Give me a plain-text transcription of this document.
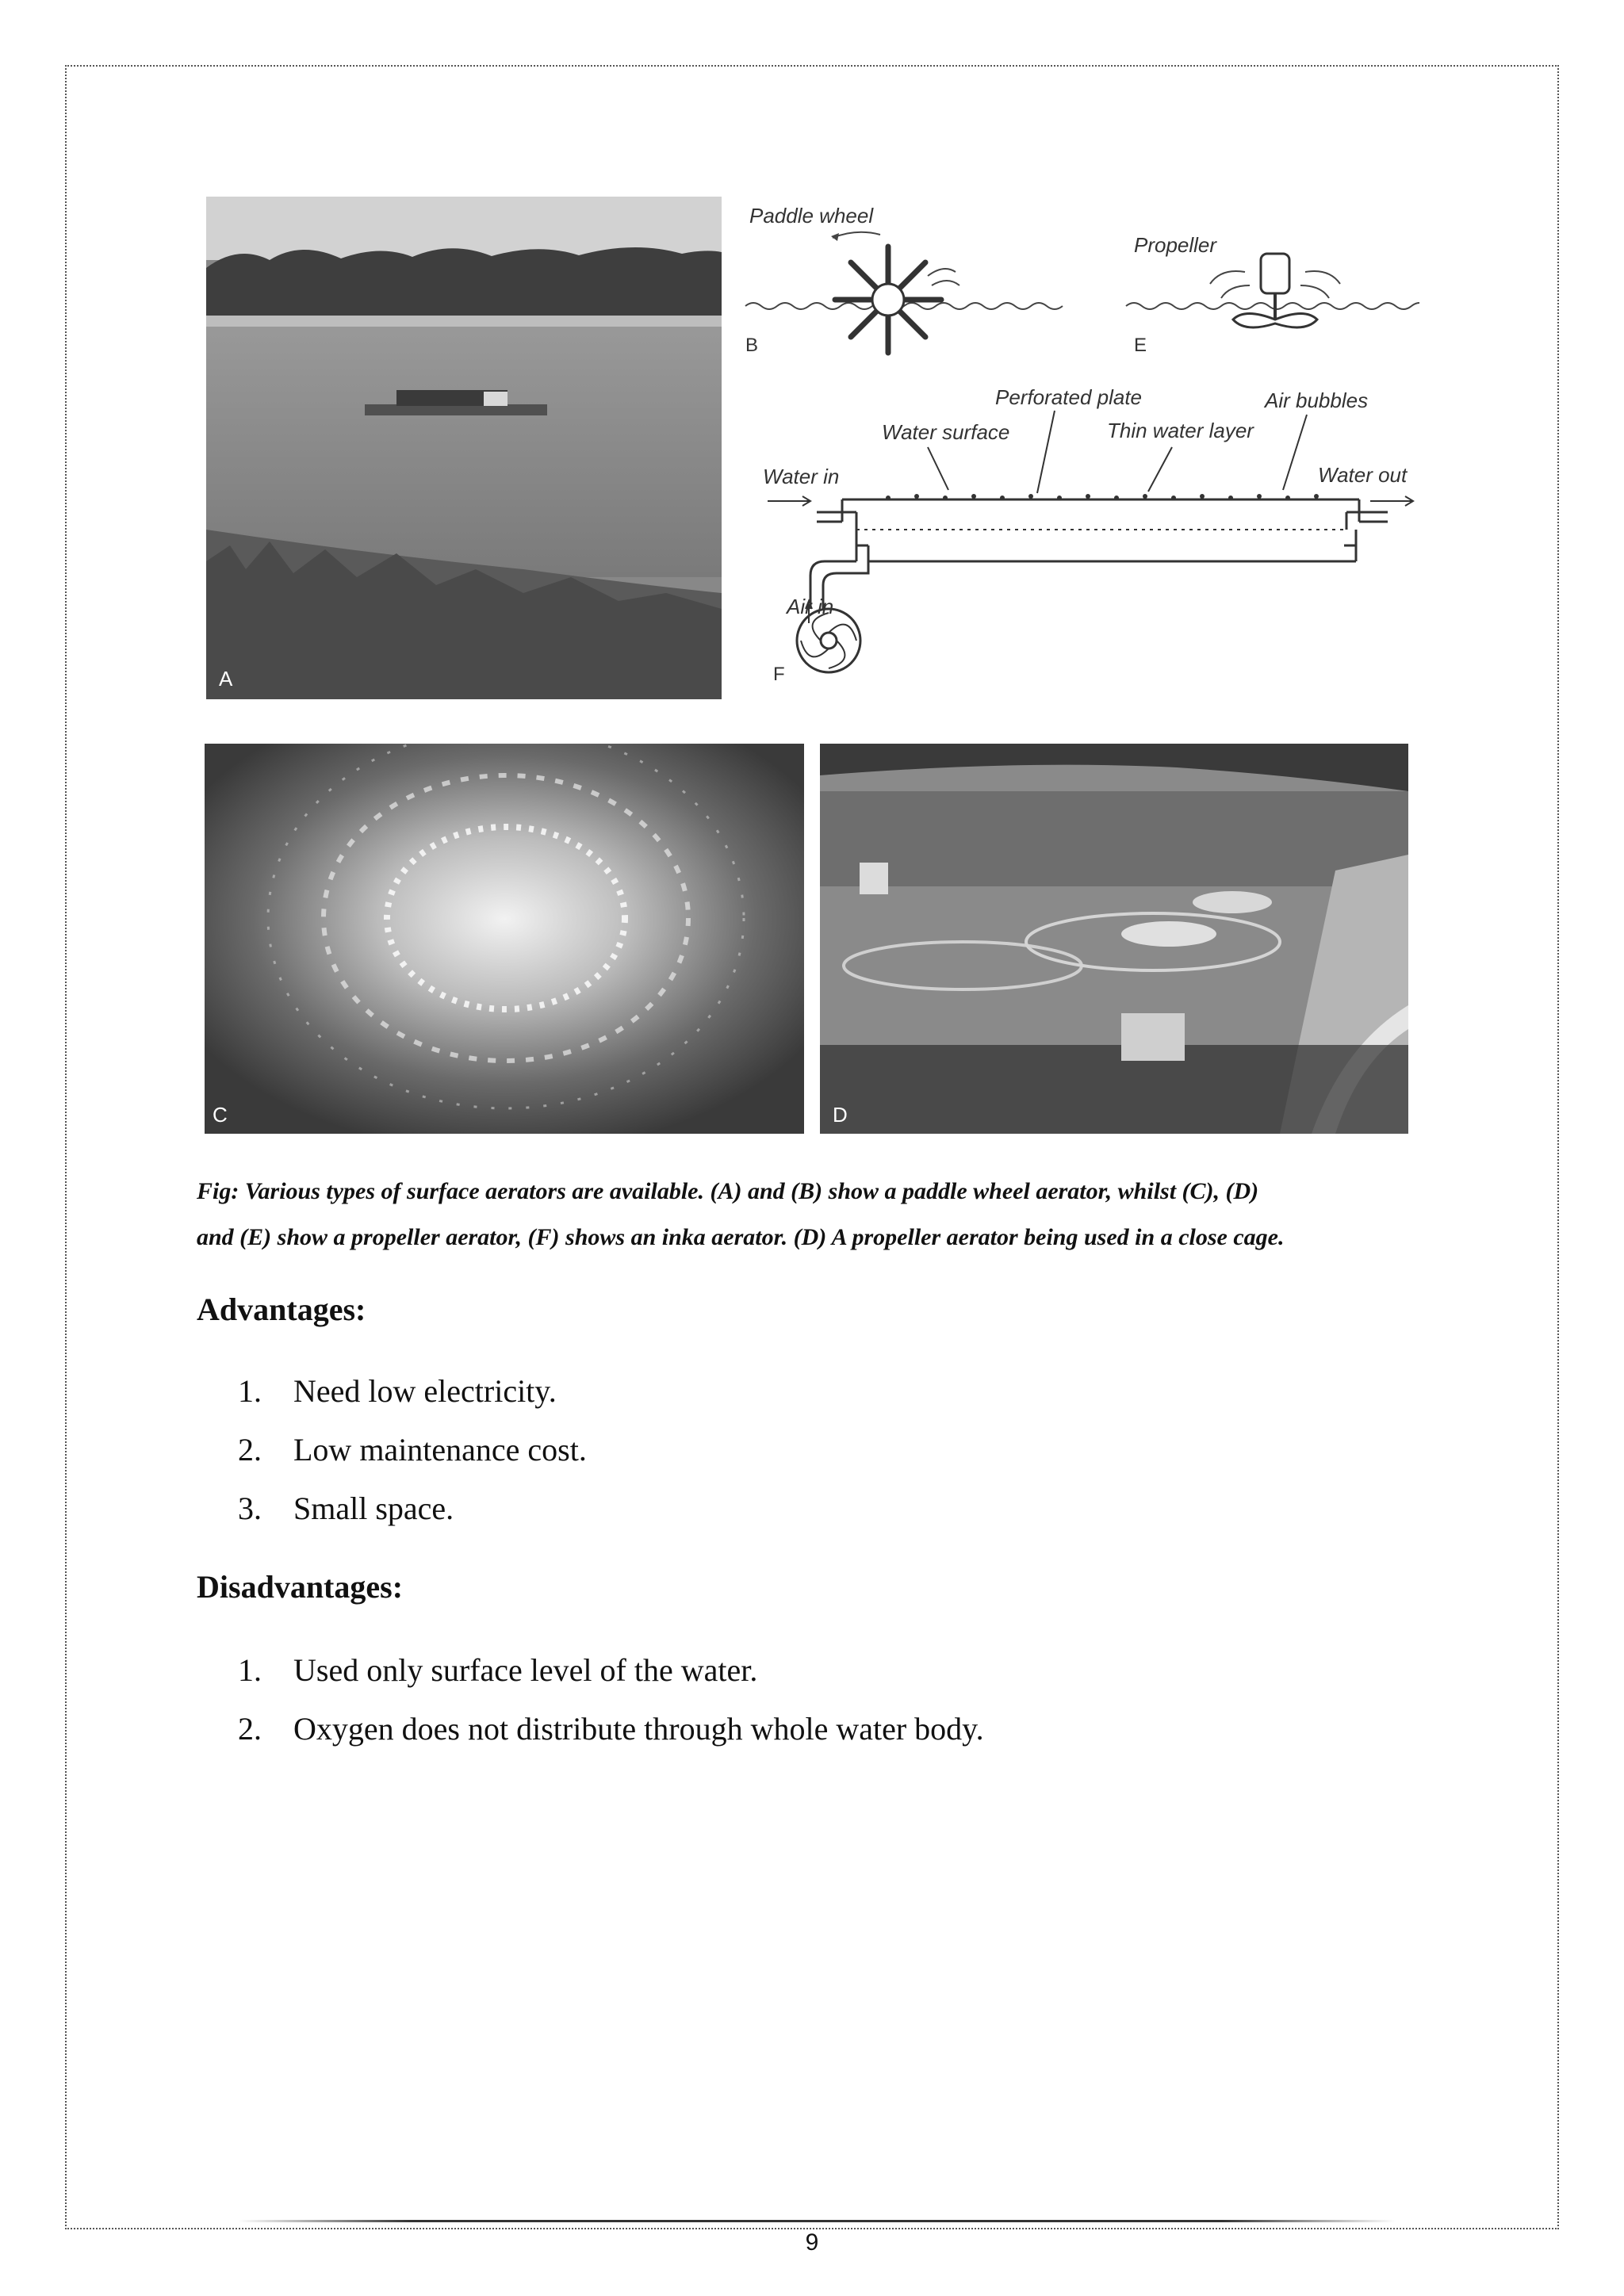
A
Paddle wheel
B
Propeller
E
Perforated plate	Air bubbles
Water surface	Thin water layer
Water in	Water out
Air in
F
C	D
Fig: Various types of surface aerators are available. (A) and (B) show a paddle wheel aerator, whilst (C), (D)
and (E) show a propeller aerator, (F) shows an inka aerator. (D) A propeller aerator being used in a close cage.
Advantages:
1.	Need low electricity.
2.	Low maintenance cost.
3.	Small space.
Disadvantages:
1.	Used only surface level of the water.
2.	Oxygen does not distribute through whole water body.
9
